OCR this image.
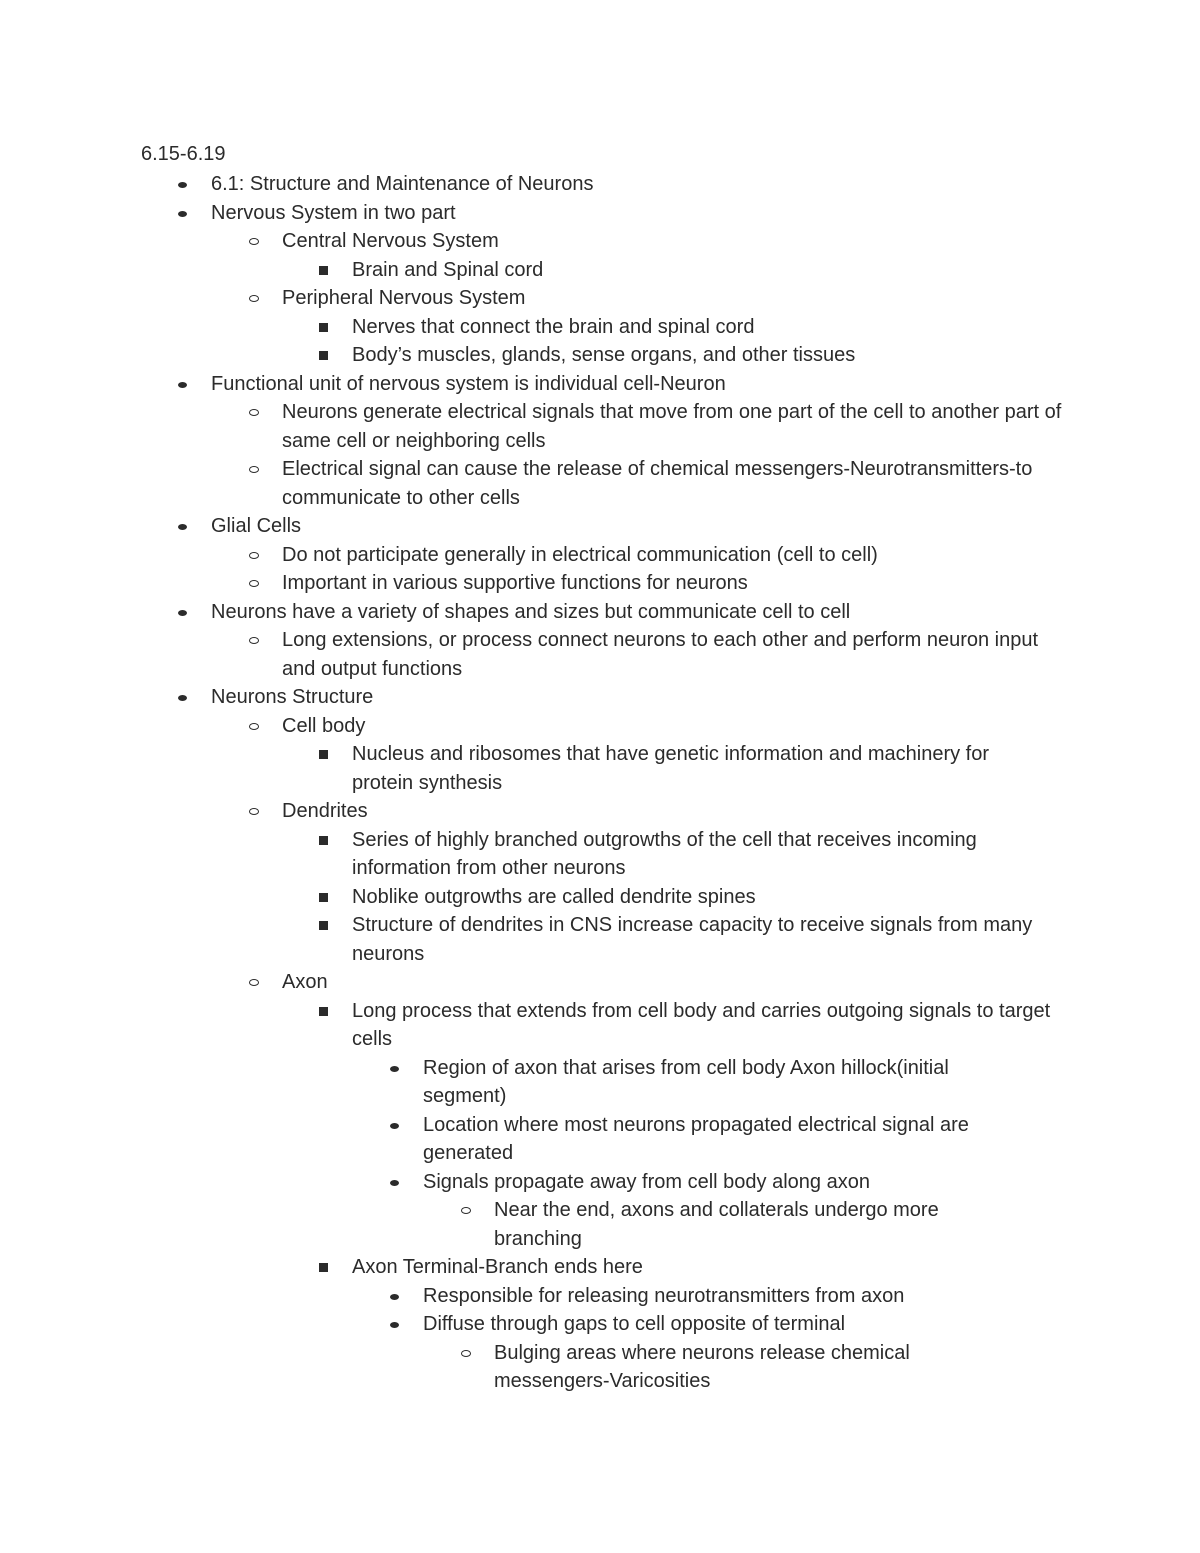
6.15-6.19
6.1: Structure and Maintenance of Neurons
Nervous System in two part
Central Nervous System
Brain and Spinal cord
Peripheral Nervous System
Nerves that connect the brain and spinal cord
Body’s muscles, glands, sense organs, and other tissues
Functional unit of nervous system is individual cell-Neuron
Neurons generate electrical signals that move from one part of the cell to another part of same cell or neighboring cells
Electrical signal can cause the release of chemical messengers-Neurotransmitters-to communicate to other cells
Glial Cells
Do not participate generally in electrical communication (cell to cell)
Important in various supportive functions for neurons
Neurons have a variety of shapes and sizes but communicate cell to cell
Long extensions, or process connect neurons to each other and perform neuron input and output functions
Neurons Structure
Cell body
Nucleus and ribosomes that have genetic information and machinery for protein synthesis
Dendrites
Series of highly branched outgrowths of the cell that receives incoming information from other neurons
Noblike outgrowths are called dendrite spines
Structure of dendrites in CNS increase capacity to receive signals from many neurons
Axon
Long process that extends from cell body and carries outgoing signals to target cells
Region of axon that arises from cell body Axon hillock(initial segment)
Location where most neurons propagated electrical signal are generated
Signals propagate away from cell body along axon
Near the end, axons and collaterals undergo more branching
Axon Terminal-Branch ends here
Responsible for releasing neurotransmitters from axon
Diffuse through gaps to cell opposite of terminal
Bulging areas where neurons release chemical messengers-Varicosities
